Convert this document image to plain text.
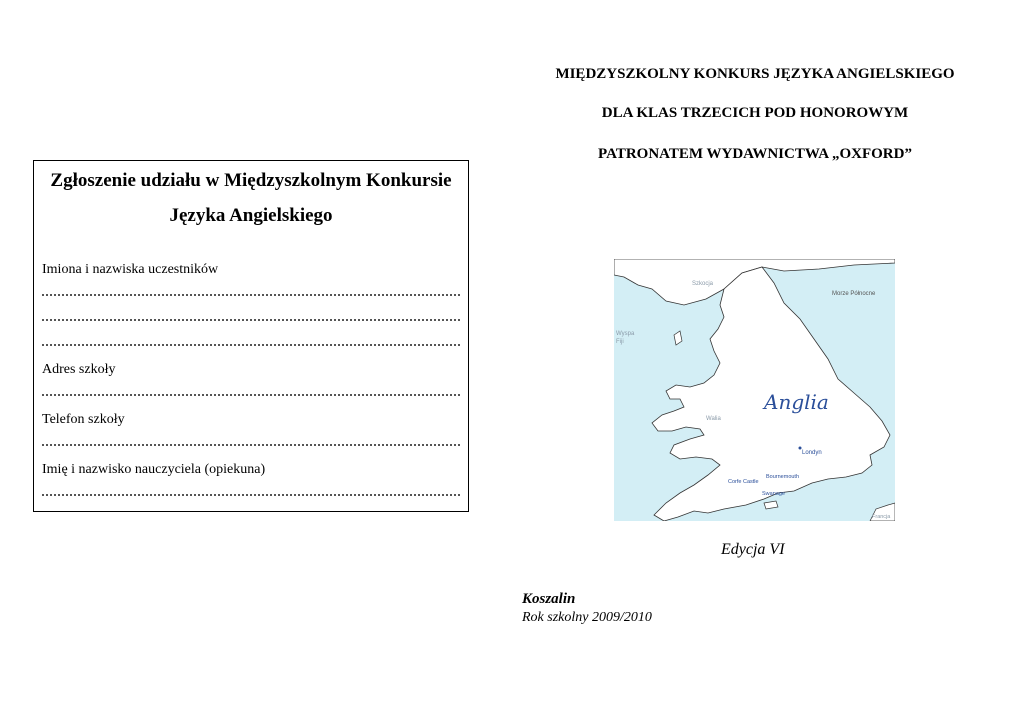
Zgłoszenie udziału w Międzyszkolnym Konkursie
Języka Angielskiego
Imiona i nazwiska uczestników
Adres szkoły
Telefon szkoły
Imię i nazwisko nauczyciela (opiekuna)
MIĘDZYSZKOLNY KONKURS JĘZYKA ANGIELSKIEGO
DLA KLAS TRZECICH POD HONOROWYM
PATRONATEM WYDAWNICTWA „OXFORD”
Szkocja
Morze Północne
Wyspa
Fiji
Walia
Londyn
Bournemouth
Corfe Castle
Swanage
Francja
Anglia
Edycja VI
Koszalin
Rok szkolny 2009/2010
